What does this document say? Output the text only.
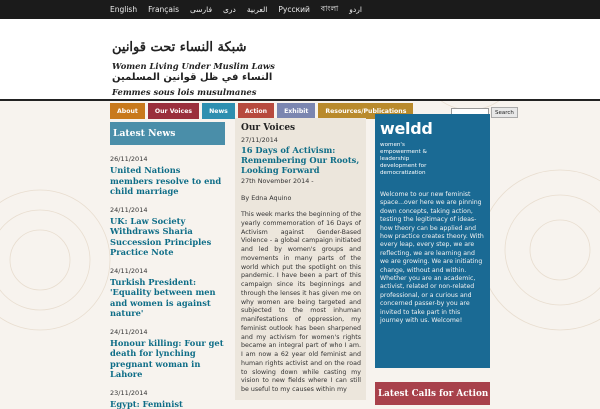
English Français فارسی دری العربية Русский বাংলা اردو
شبكة النساء تحت قوانين
Women Living Under Muslim Laws
النساء في ظل قوانين المسلمين
Femmes sous lois musulmanes
About	Our Voices	News	Action	Exhibit	Resources/Publications	Search
Latest News
26/11/2014
United Nations members resolve to end child marriage
24/11/2014
UK: Law Society Withdraws Sharia Succession Principles Practice Note
24/11/2014
Turkish President: 'Equality between men and women is against nature'
24/11/2014
Honour killing: Four get death for lynching pregnant woman in Lahore
23/11/2014
Egypt: Feminist
Our Voices
27/11/2014
16 Days of Activism: Remembering Our Roots, Looking Forward
27th November 2014 -
By Edna Aquino
This week marks the beginning of the yearly commemoration of 16 Days of Activism against Gender-Based Violence - a global campaign initiated and led by women's groups and movements in many parts of the world which put the spotlight on this pandemic. I have been a part of this campaign since its beginnings and through the lenses it has given me on why women are being targeted and subjected to the most inhuman manifestations of oppression, my feminist outlook has been sharpened and my activism for women's rights became an integral part of who I am. I am now a 62 year old feminist and human rights activist and on the road to slowing down while casting my vision to new fields where I can still be useful to my causes within my
weldd
women's empowerment & leadership development for democratization
Welcome to our new feminist space...over here we are pinning down concepts, taking action, testing the legitimacy of ideas- how theory can be applied and how practice creates theory. With every leap, every step, we are reflecting, we are learning and we are growing. We are initiating change, without and within. Whether you are an academic, activist, related or non-related professional, or a curious and concerned passer-by you are invited to take part in this journey with us. Welcome!
Latest Calls for Action
